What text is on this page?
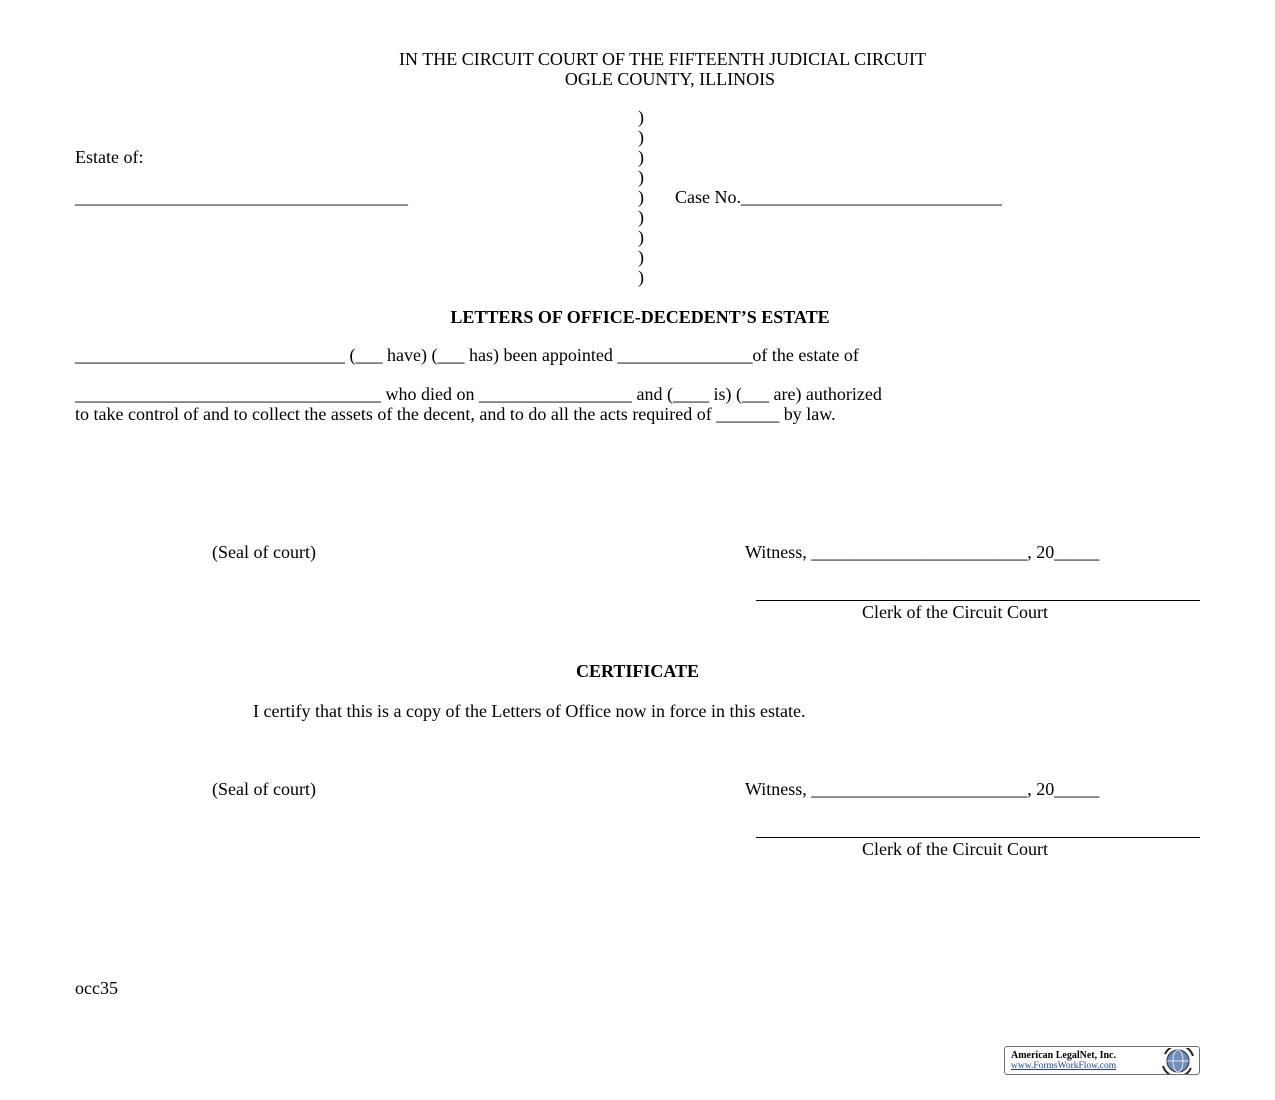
IN THE CIRCUIT COURT OF THE FIFTEENTH JUDICIAL CIRCUIT
OGLE COUNTY, ILLINOIS
Estate of:
_____________________________________
)
)
)
)
)
)
)
)
)
Case No._____________________________
LETTERS OF OFFICE-DECEDENT’S ESTATE
______________________________ (___ have) (___ has) been appointed _______________of the estate of
__________________________________ who died on _________________ and (____ is) (___ are) authorized
to take control of and to collect the assets of the decent, and to do all the acts required of _______ by law.
(Seal of court)	Witness, ________________________, 20_____
Clerk of the Circuit Court
CERTIFICATE
I certify that this is a copy of the Letters of Office now in force in this estate.
(Seal of court)	Witness, ________________________, 20_____
Clerk of the Circuit Court
occ35
American LegalNet, Inc.
www.FormsWorkFlow.com
